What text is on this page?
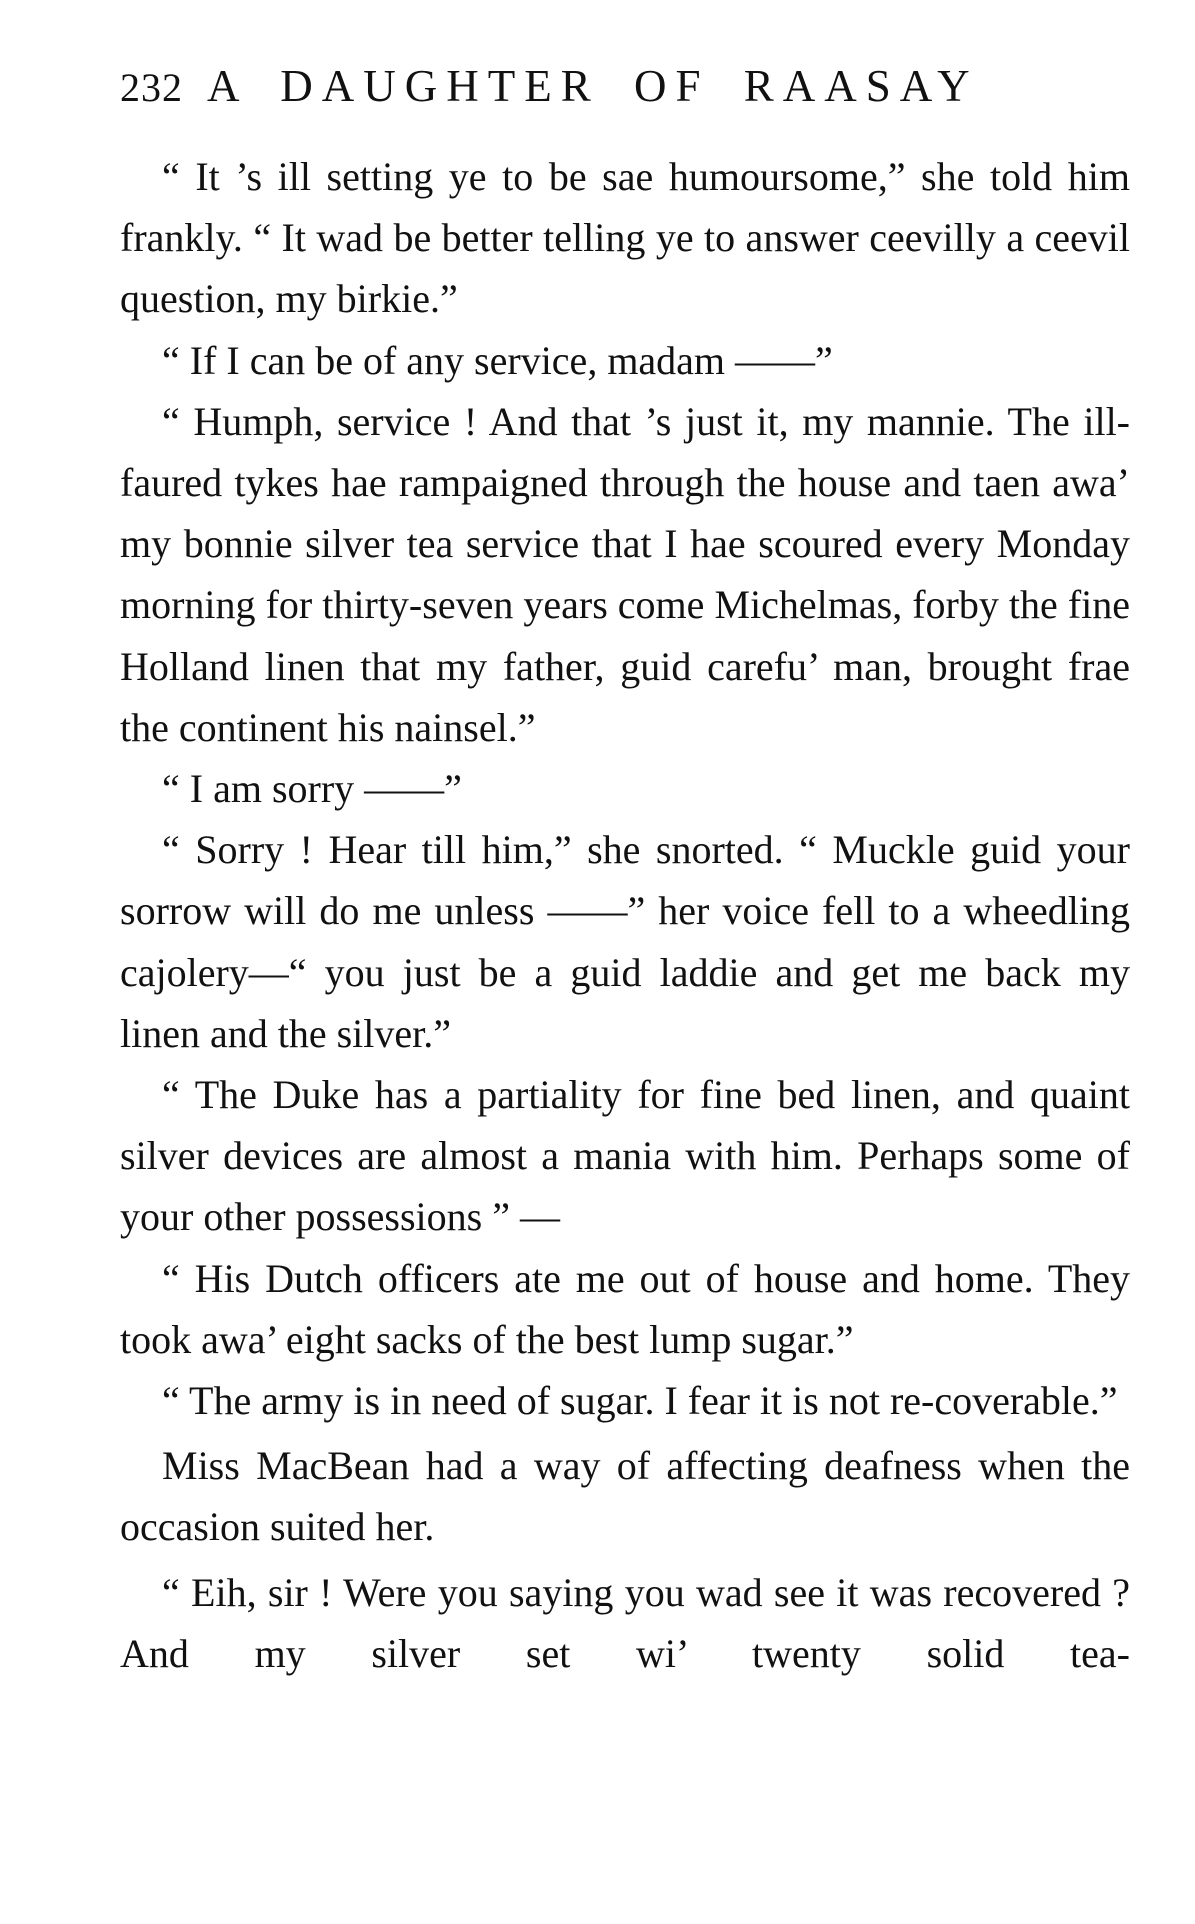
232 A DAUGHTER OF RAASAY

“ It ’s ill setting ye to be sae humoursome,” she told him frankly. “ It wad be better telling ye to answer ceevilly a ceevil question, my birkie.”

“ If I can be of any service, madam ——”

“ Humph, service ! And that ’s just it, my mannie. The ill-faured tykes hae rampaigned through the house and taen awa’ my bonnie silver tea service that I hae scoured every Monday morning for thirty-seven years come Michelmas, forby the fine Holland linen that my father, guid carefu’ man, brought frae the continent his nainsel.”

“ I am sorry ——”

“ Sorry ! Hear till him,” she snorted. “ Muckle guid your sorrow will do me unless ——” her voice fell to a wheedling cajolery—“ you just be a guid laddie and get me back my linen and the silver.”

“ The Duke has a partiality for fine bed linen, and quaint silver devices are almost a mania with him. Perhaps some of your other possessions ” —

“ His Dutch officers ate me out of house and home. They took awa’ eight sacks of the best lump sugar.”

“ The army is in need of sugar. I fear it is not re-coverable.”

Miss MacBean had a way of affecting deafness when the occasion suited her.

“ Eih, sir ! Were you saying you wad see it was recovered ? And my silver set wi’ twenty solid tea-
